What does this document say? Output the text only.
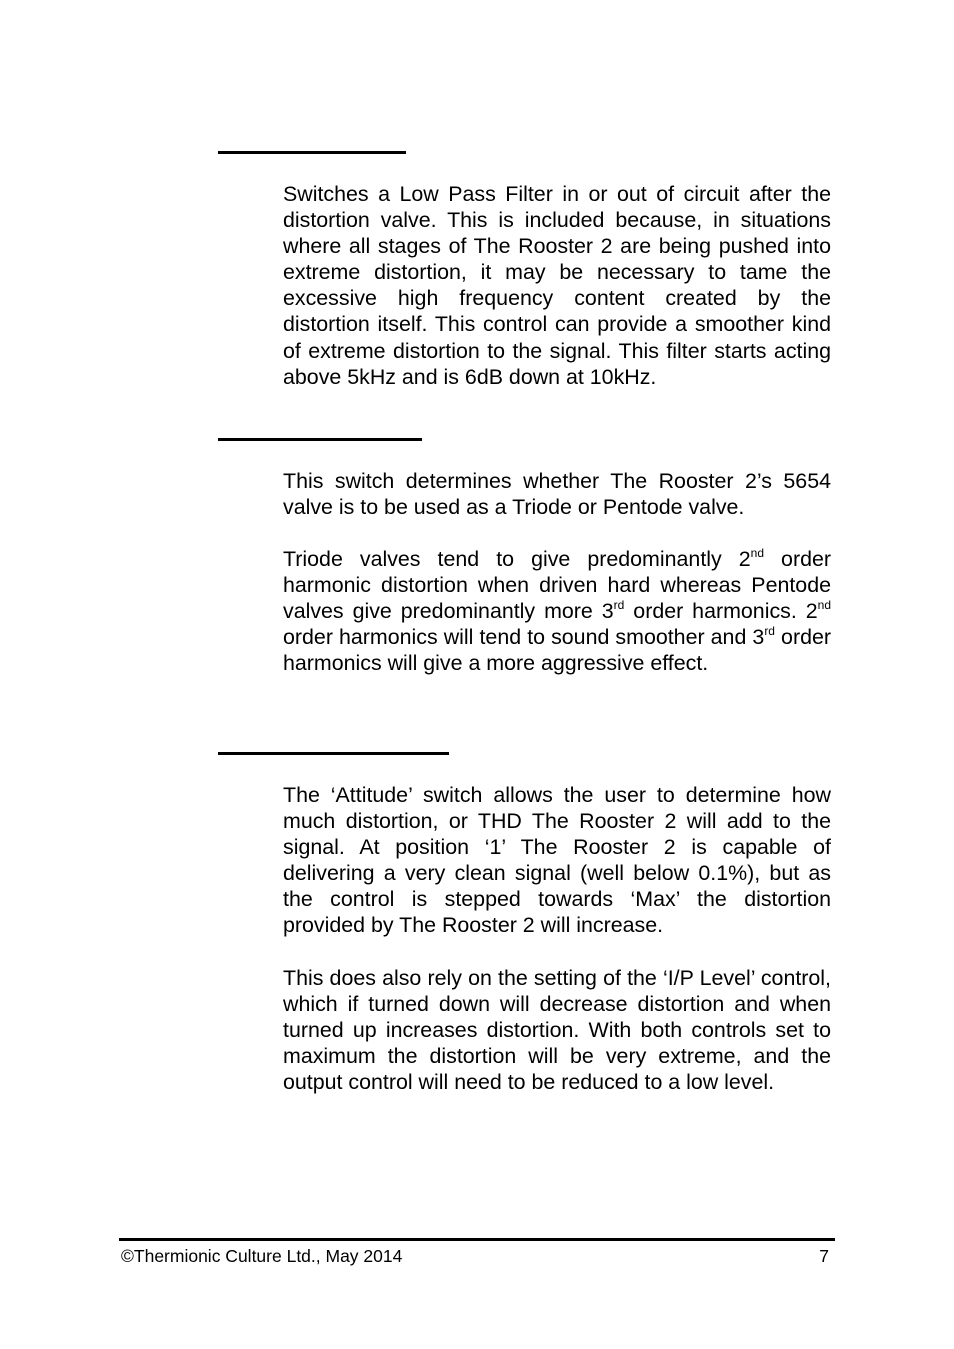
Switches a Low Pass Filter in or out of circuit after the distortion valve. This is included because, in situations where all stages of The Rooster 2 are being pushed into extreme distortion, it may be necessary to tame the excessive high frequency content created by the distortion itself. This control can provide a smoother kind of extreme distortion to the signal. This filter starts acting above 5kHz and is 6dB down at 10kHz.

This switch determines whether The Rooster 2’s 5654 valve is to be used as a Triode or Pentode valve.

Triode valves tend to give predominantly 2nd order harmonic distortion when driven hard whereas Pentode valves give predominantly more 3rd order harmonics. 2nd order harmonics will tend to sound smoother and 3rd order harmonics will give a more aggressive effect.

The ‘Attitude’ switch allows the user to determine how much distortion, or THD The Rooster 2 will add to the signal. At position ‘1’ The Rooster 2 is capable of delivering a very clean signal (well below 0.1%), but as the control is stepped towards ‘Max’ the distortion provided by The Rooster 2 will increase.

This does also rely on the setting of the ‘I/P Level’ control, which if turned down will decrease distortion and when turned up increases distortion. With both controls set to maximum the distortion will be very extreme, and the output control will need to be reduced to a low level.

©Thermionic Culture Ltd., May 2014	7
